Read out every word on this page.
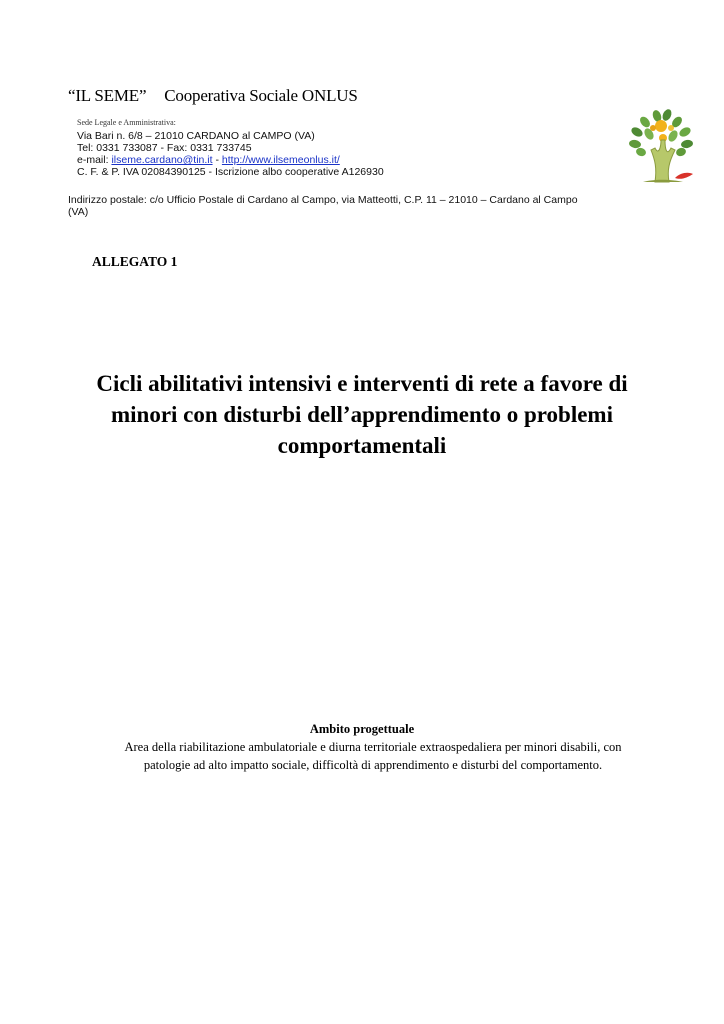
“IL SEME” Cooperativa Sociale ONLUS
Sede Legale e Amministrativa:
Via Bari n. 6/8 – 21010 CARDANO al CAMPO (VA)
Tel: 0331 733087 - Fax: 0331 733745
e-mail: ilseme.cardano@tin.it - http://www.ilsemeonlus.it/
C. F. & P. IVA 02084390125 - Iscrizione albo cooperative A126930
Indirizzo postale: c/o Ufficio Postale di Cardano al Campo, via Matteotti, C.P. 11 – 21010 – Cardano al Campo (VA)
ALLEGATO 1
Cicli abilitativi intensivi e interventi di rete a favore di
minori con disturbi dell’apprendimento o problemi
comportamentali
Ambito progettuale
Area della riabilitazione ambulatoriale e diurna territoriale extraospedaliera per minori disabili, con patologie ad alto impatto sociale, difficoltà di apprendimento e disturbi del comportamento.
